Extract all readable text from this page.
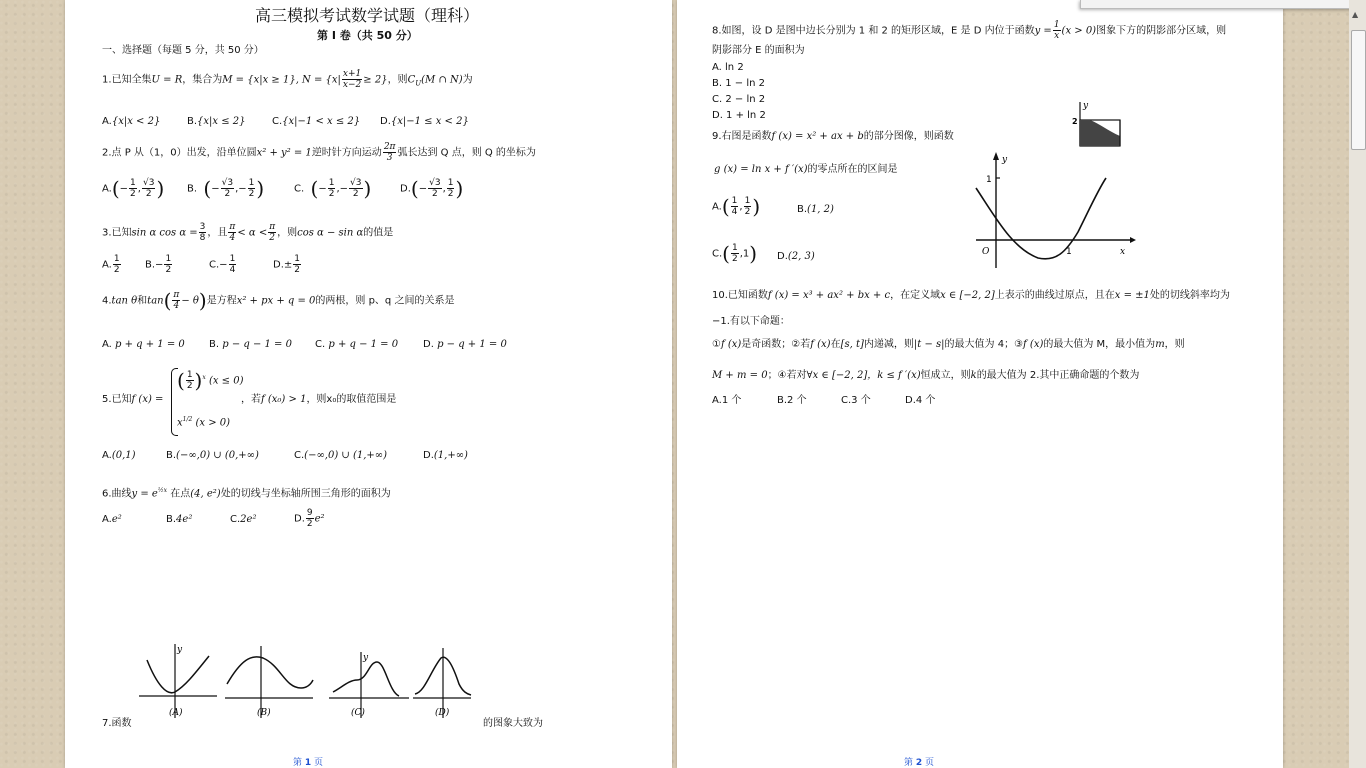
高三模拟考试数学试题（理科）
第 I 卷（共 50 分）
一、选择题（每题 5 分，共 50 分）
1.已知全集U = R，集合为M = {x|x ≥ 1}, $N = \{x| \frac{x+1}{x-2} \ge 2\}$，则$C_U(M$ ∩ N)为
A.{x|x < 2}	B.{x|x ≤ 2}	C.{x|−1 < x ≤ 2} D.{x|−1 ≤ x < 2}
2.点 P 从（1，0）出发，沿单位圆x² + y² = 1逆时针方向运动 $\frac{2\pi}{3}$ 弧长达到 Q 点，则 Q 的坐标为
$A.(- \frac{1}{2}$ , $\frac{√3}{2}$ ) B. (− $\frac{√3}{2}$ ,− $\frac{1}{2}$ )	C. (− $\frac{1}{2}$ ,− $\frac{√3}{2}$ )	$D.(- \frac{√3}{2}$ , $\frac{1}{2}$ )
3.已知sin α $\cos \alpha = \frac{3}{8}$ ，且 $\frac{\pi}{4} < \alpha < \frac{\pi}{2}$ ，则cos α − sin α的值是
A. $\frac{1}{2} B.- \frac{1}{2}$	$C.- \frac{1}{4}$	$D.\pm \frac{1}{2}$
4.tan θ和$\tan( \frac{\pi}{4} - \theta)$是方程x² + px + q = 0的两根，则 p、q 之间的关系是
A. p + q + 1 = 0 B. p − q − 1 = 0 C. p + q − 1 = 0 D. p − q + 1 = 0
5.已知f (x) =
( $\frac{1}{2} )^x$ (x ≤ 0)
$x^{1/2}$ (x > 0)
，若f (x₀) > 1，则x₀的取值范围是
A.(0,1)	B.(−∞,0) ∪ (0,+∞)	C.(−∞,0) ∪ (1,+∞)	D.(1,+∞)
6.曲线$y = e^{\frac{1}{2}x}$ 在点(4, e²)处的切线与坐标轴所围三角形的面积为
A.e²	B.4e²	C.2e²	D. $\frac{9}{2} e^2$
y
(A)	(B)
y
(C)	(D)
7.函数	的图象大致为
第 1 页
8.如图，设 D 是图中边长分别为 1 和 2 的矩形区域，E 是 D 内位于函数$y = \frac{1}{x} (x > 0)$图象下方的阴影部分区域，则
阴影部分 E 的面积为
A. ln 2
B. 1 − ln 2
C. 2 − ln 2
D. 1 + ln 2
2
y
9.右图是函数f (x) = x² + ax + b的部分图像，则函数
g (x) = ln x + f ′(x)的零点所在的区间是
$A.( \frac{1}{4}$ , $\frac{1}{2}$ )	B.(1, 2)
$C.( \frac{1}{2} ,1)$ D.(2, 3)
1
y
O	1	x
10.已知函数f (x) = x³ + ax² + bx + c，在定义域x ∈ [−2, 2]上表示的曲线过原点，且在x = ±1处的切线斜率均为
−1.有以下命题：
①f (x)是奇函数；②若f (x)在[s, t]内递减，则|t − s|的最大值为 4；③f (x)的最大值为 M，最小值为m，则
M + m = 0；④若对∀x ∈ [−2, 2]，k ≤ f ′(x)恒成立，则k的最大值为 2.其中正确命题的个数为
A.1 个	B.2 个	C.3 个	D.4 个
第 2 页
▲
